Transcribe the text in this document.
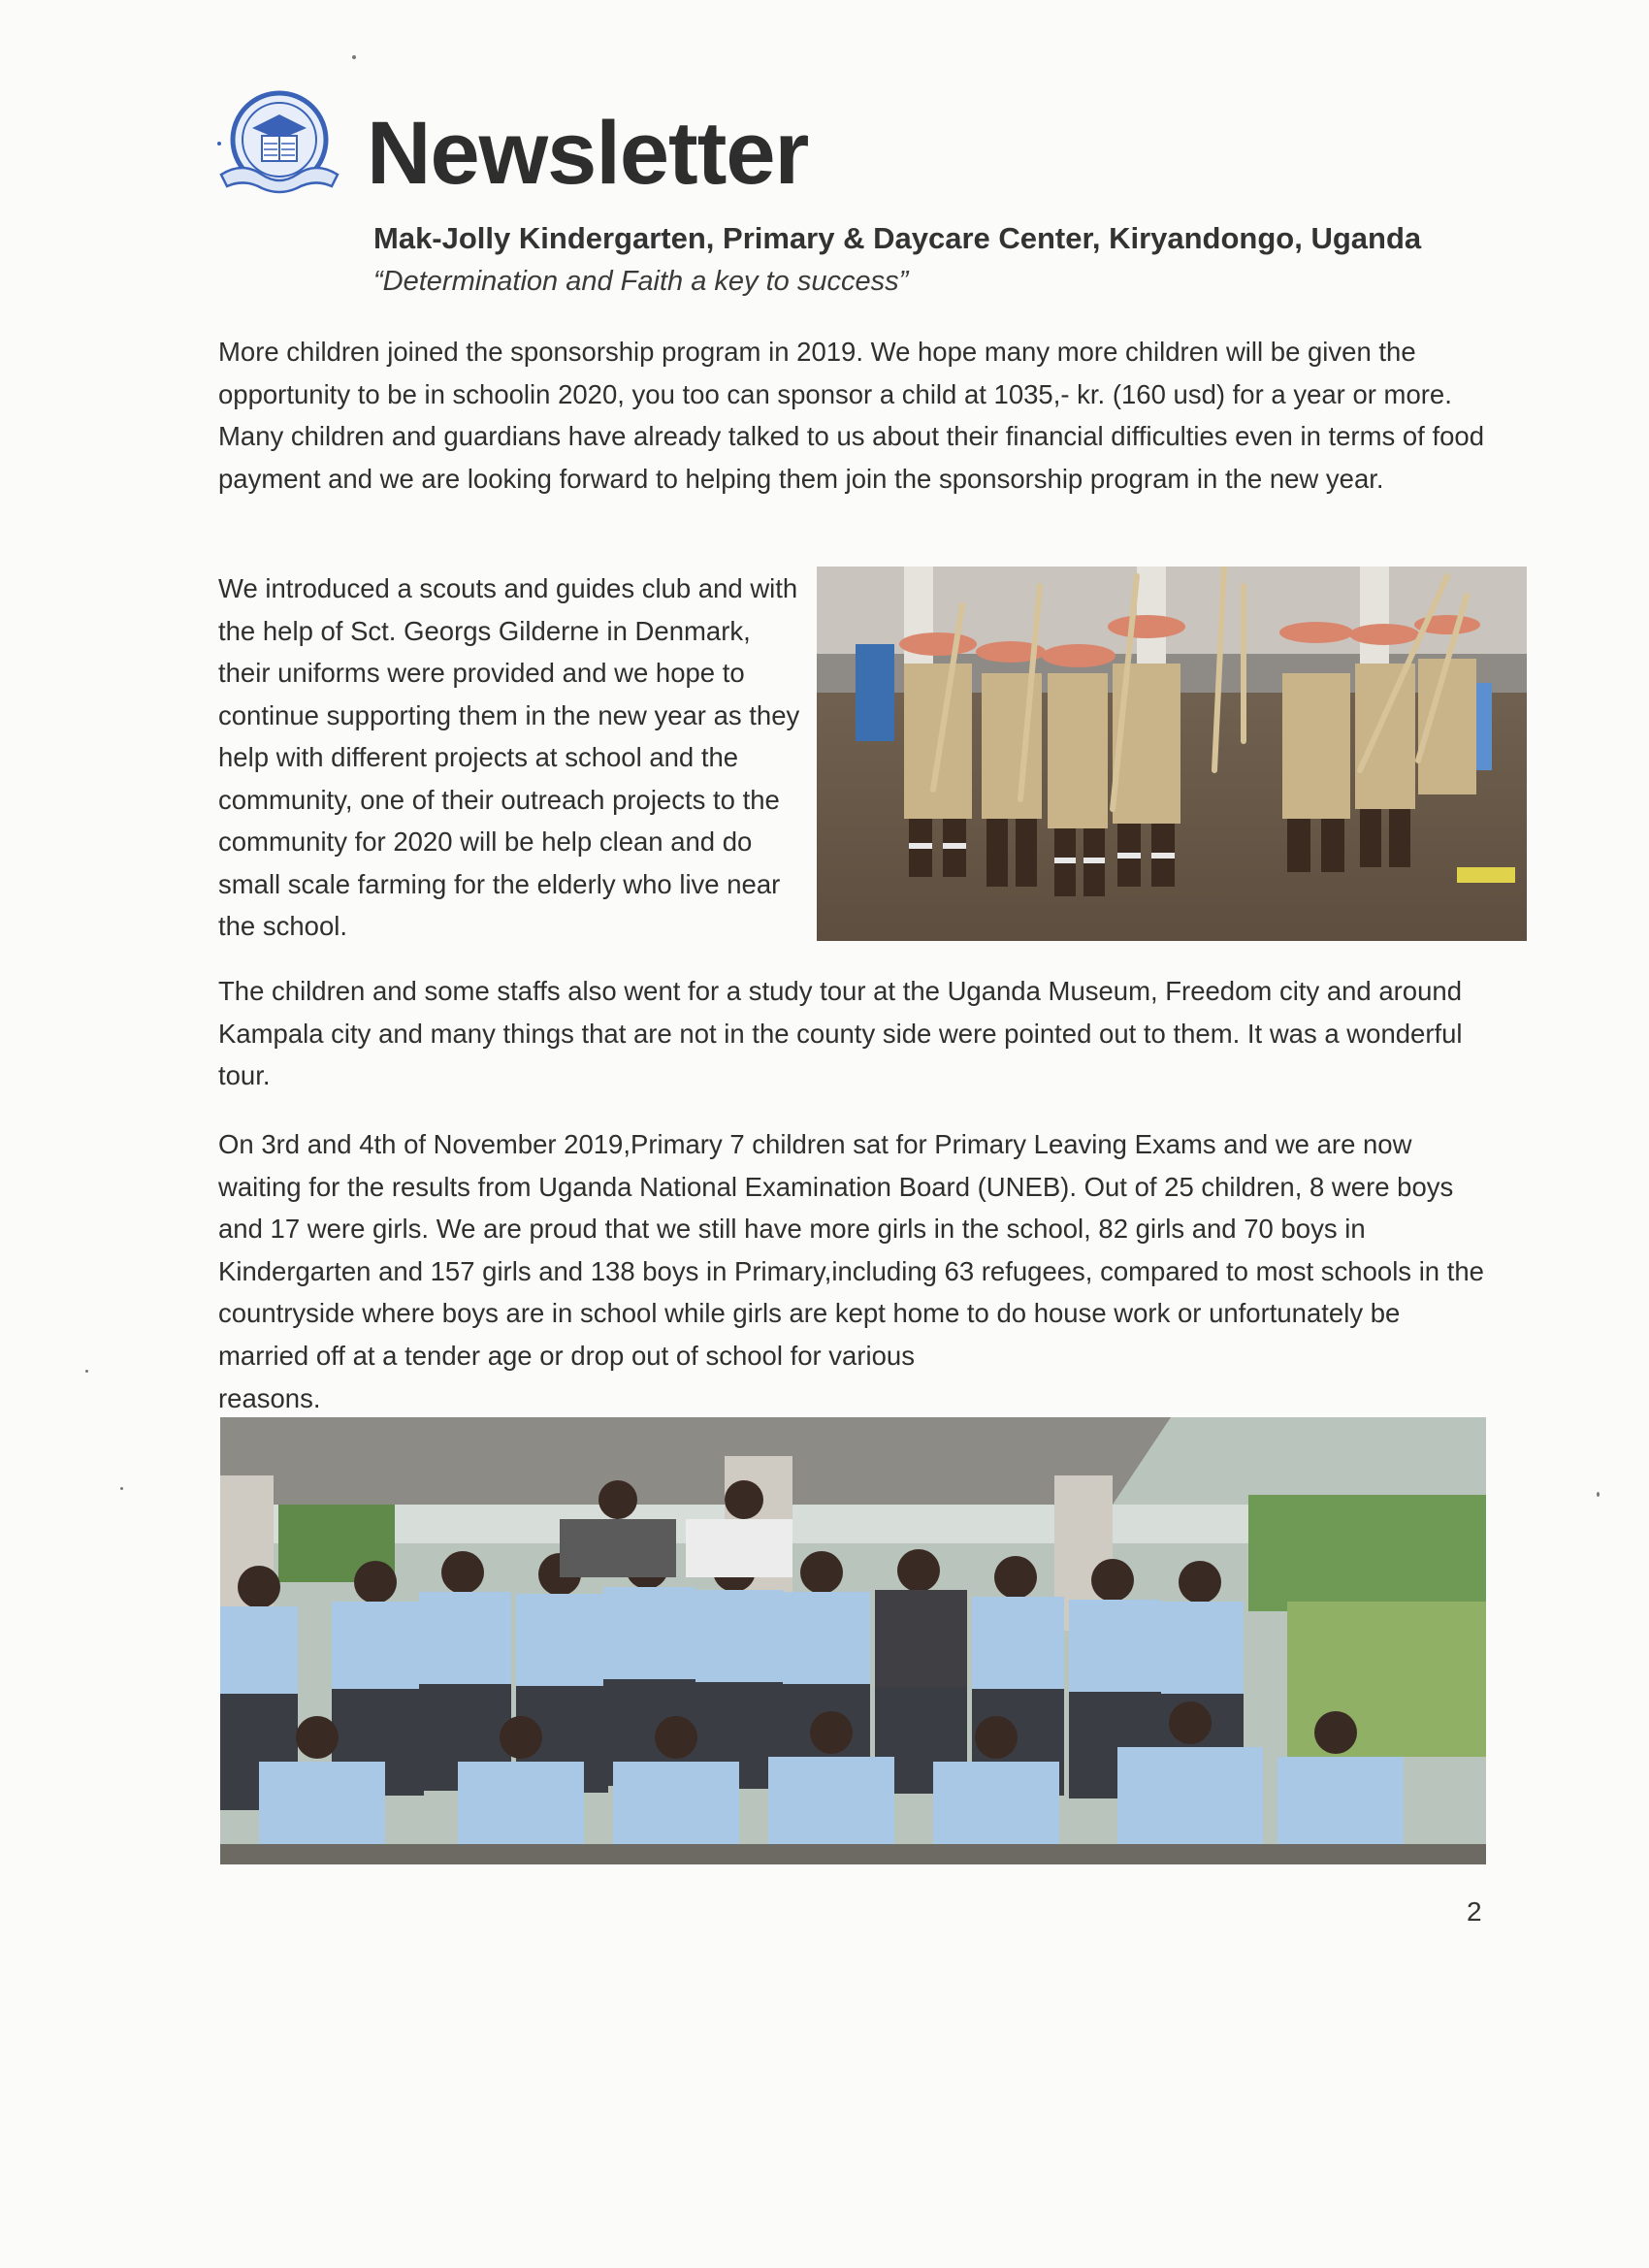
Newsletter
Mak-Jolly Kindergarten, Primary & Daycare Center, Kiryandongo, Uganda
“Determination and Faith a key to success”

More children joined the sponsorship program in 2019. We hope many more children will be given the opportunity to be in schoolin 2020, you too can sponsor a child at 1035,- kr. (160 usd) for a year or more. Many children and guardians have already talked to us about their financial difficulties even in terms of food payment and we are looking forward to helping them join the sponsorship program in the new year.

We introduced a scouts and guides club and with the help of Sct. Georgs Gilderne in Denmark, their uniforms were provided and we hope to continue supporting them in the new year as they help with different projects at school and the community, one of their outreach projects to the community for 2020 will be help clean and do small scale farming for the elderly who live near the school.

The children and some staffs also went for a study tour at the Uganda Museum, Freedom city and around Kampala city and many things that are not in the county side were pointed out to them. It was a wonderful tour.

On 3rd and 4th of November 2019,Primary 7 children sat for Primary Leaving Exams and we are now waiting for the results from Uganda National Examination Board (UNEB). Out of 25 children, 8 were boys and 17 were girls. We are proud that we still have more girls in the school, 82 girls and 70 boys in Kindergarten and 157 girls and 138 boys in Primary,including 63 refugees, compared to most schools in the countryside where boys are in school while girls are kept home to do house work or unfortunately be married off at a tender age or drop out of school for various

reasons.

2
